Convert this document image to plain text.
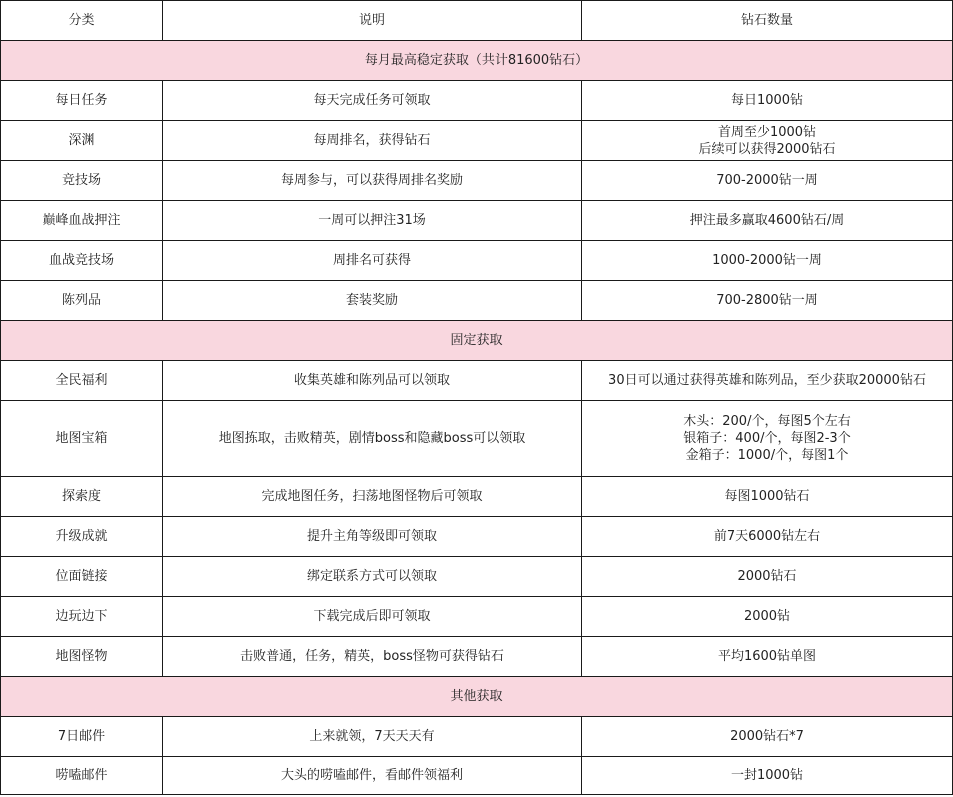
分类	说明	钻石数量
每月最高稳定获取（共计81600钻石）		
每日任务	每天完成任务可领取	每日1000钻
深渊	每周排名，获得钻石	首周至少1000钻
后续可以获得2000钻石

竞技场	每周参与，可以获得周排名奖励	700-2000钻一周
巅峰血战押注	一周可以押注31场	押注最多赢取4600钻石/周
血战竞技场	周排名可获得	1000-2000钻一周
陈列品	套装奖励	700-2800钻一周
固定获取		
全民福利	收集英雄和陈列品可以领取	30日可以通过获得英雄和陈列品，至少获取20000钻石
地图宝箱	地图拣取，击败精英，剧情boss和隐藏boss可以领取	木头：200/个，每图5个左右
银箱子：400/个，每图2-3个
金箱子：1000/个，每图1个

探索度	完成地图任务，扫荡地图怪物后可领取	每图1000钻石
升级成就	提升主角等级即可领取	前7天6000钻左右
位面链接	绑定联系方式可以领取	2000钻石
边玩边下	下载完成后即可领取	2000钻
地图怪物	击败普通，任务，精英，boss怪物可获得钻石	平均1600钻单图
其他获取		
7日邮件	上来就领，7天天天有	2000钻石*7
唠嗑邮件	大头的唠嗑邮件，看邮件领福利	一封1000钻
